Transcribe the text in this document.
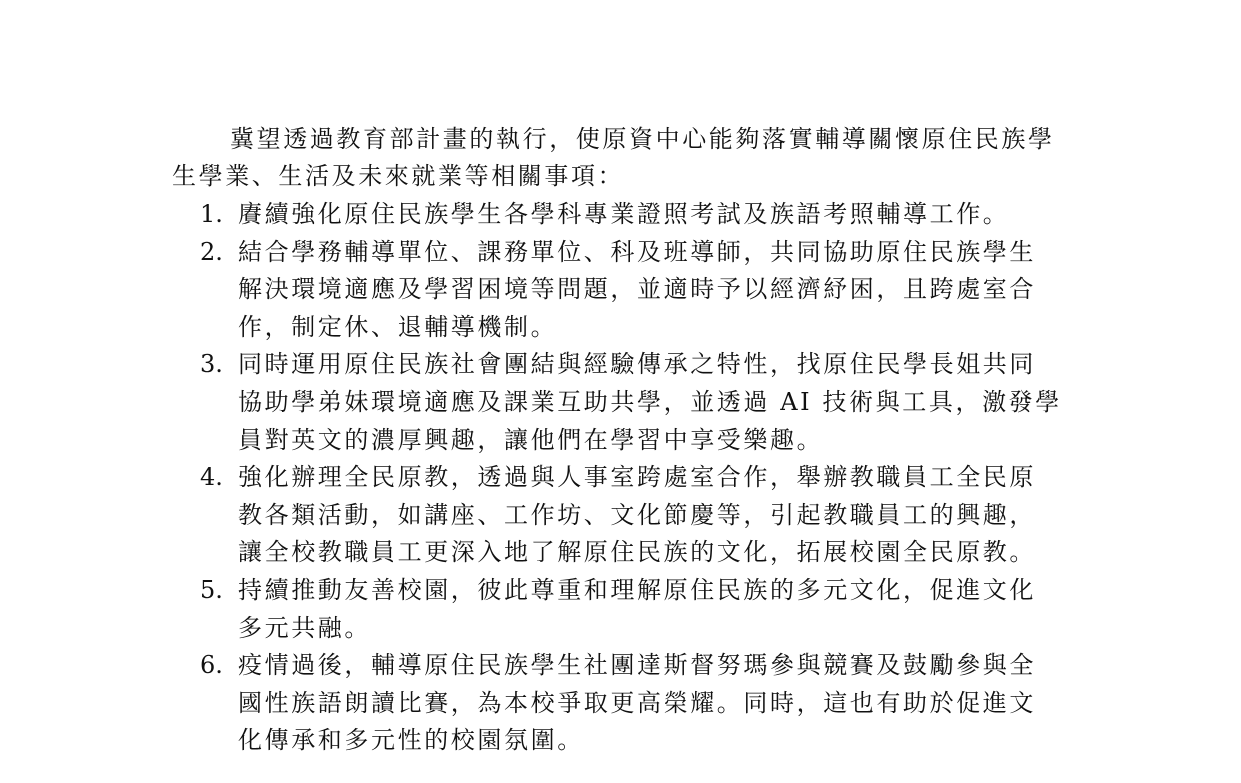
冀望透過教育部計畫的執行，使原資中心能夠落實輔導關懷原住民族學
生學業、生活及未來就業等相關事項：
1. 賡續強化原住民族學生各學科專業證照考試及族語考照輔導工作。
2. 結合學務輔導單位、課務單位、科及班導師，共同協助原住民族學生
解決環境適應及學習困境等問題，並適時予以經濟紓困，且跨處室合
作，制定休、退輔導機制。
3. 同時運用原住民族社會團結與經驗傳承之特性，找原住民學長姐共同
協助學弟妹環境適應及課業互助共學，並透過 AI 技術與工具，激發學
員對英文的濃厚興趣，讓他們在學習中享受樂趣。
4. 強化辦理全民原教，透過與人事室跨處室合作，舉辦教職員工全民原
教各類活動，如講座、工作坊、文化節慶等，引起教職員工的興趣，
讓全校教職員工更深入地了解原住民族的文化，拓展校園全民原教。
5. 持續推動友善校園，彼此尊重和理解原住民族的多元文化，促進文化
多元共融。
6. 疫情過後，輔導原住民族學生社團達斯督努瑪參與競賽及鼓勵參與全
國性族語朗讀比賽，為本校爭取更高榮耀。同時，這也有助於促進文
化傳承和多元性的校園氛圍。
